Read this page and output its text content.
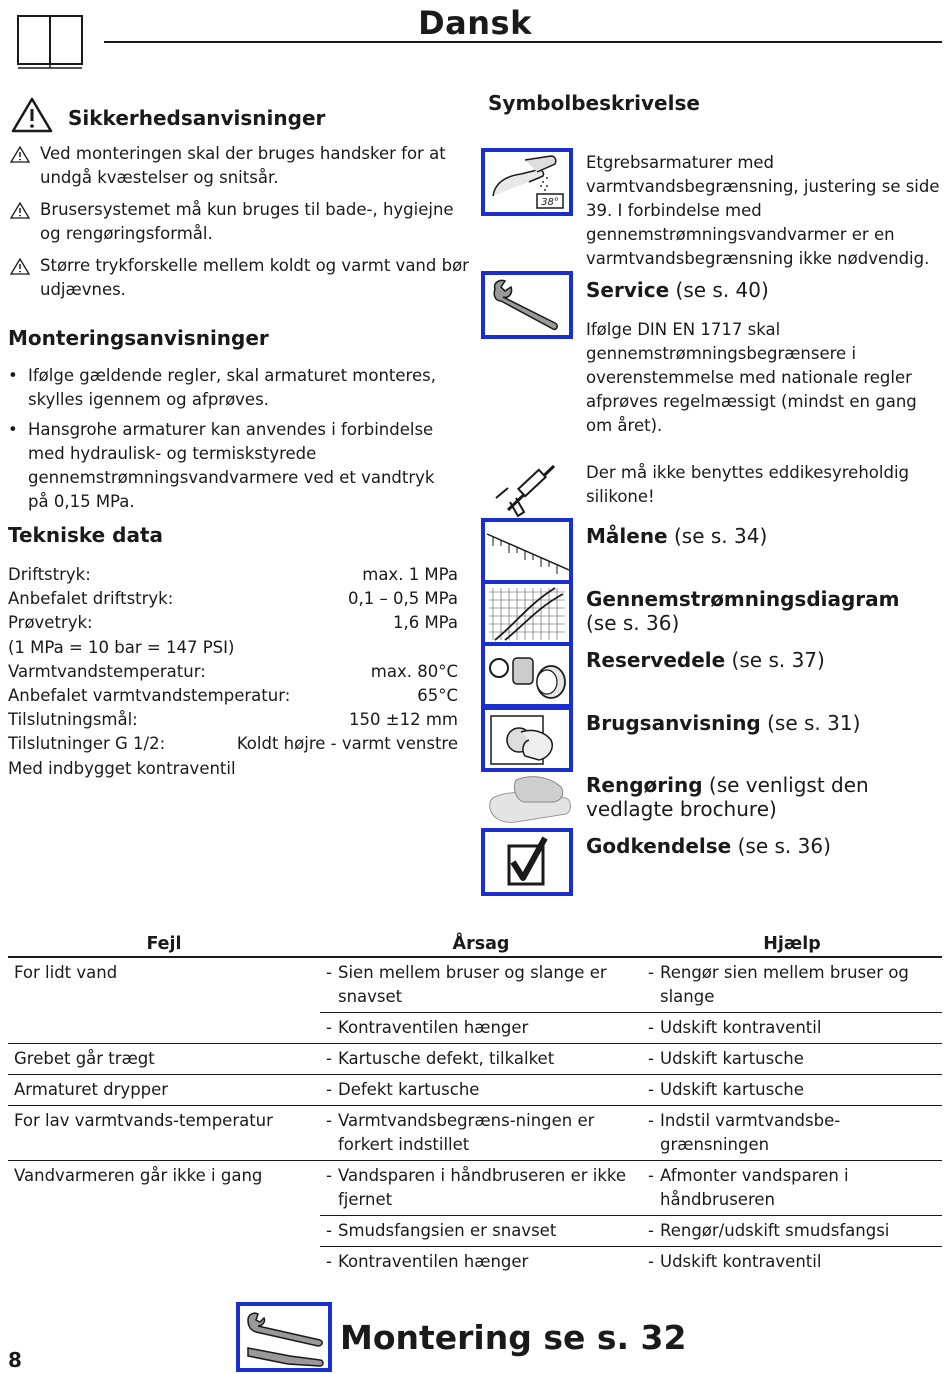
Dansk
Sikkerhedsanvisninger
Ved monteringen skal der bruges handsker for at undgå kvæstelser og snitsår.
Brusersystemet må kun bruges til bade-, hygiejne og rengøringsformål.
Større trykforskelle mellem koldt og varmt vand bør udjævnes.
Monteringsanvisninger
• Ifølge gældende regler, skal armaturet monteres, skylles igennem og afprøves.
• Hansgrohe armaturer kan anvendes i forbindelse med hydraulisk- og termiskstyrede gennemstrømningsvandvarmere ved et vandtryk på 0,15 MPa.
Tekniske data
Driftstryk:	max. 1 MPa
Anbefalet driftstryk:	0,1 – 0,5 MPa
Prøvetryk:	1,6 MPa
(1 MPa = 10 bar = 147 PSI)
Varmtvandstemperatur:	max. 80°C
Anbefalet varmtvandstemperatur:	65°C
Tilslutningsmål:	150 ±12 mm
Tilslutninger G 1/2:	Koldt højre - varmt venstre
Med indbygget kontraventil
Symbolbeskrivelse
38°
Etgrebsarmaturer med varmtvandsbegrænsning, justering se side 39. I forbindelse med gennemstrømningsvandvarmer er en varmtvandsbegrænsning ikke nødvendig.
Service (se s. 40)
Ifølge DIN EN 1717 skal gennemstrømningsbegrænsere i overenstemmelse med nationale regler afprøves regelmæssigt (mindst en gang om året).
Der må ikke benyttes eddikesyreholdig silikone!
Målene (se s. 34)
Gennemstrømningsdiagram
(se s. 36)
Reservedele (se s. 37)
Brugsanvisning (se s. 31)
Rengøring (se venligst den vedlagte brochure)
Godkendelse (se s. 36)
Fejl	Årsag	Hjælp
For lidt vand	- Sien mellem bruser og slange er snavset	- Rengør sien mellem bruser og slange

	- Kontraventilen hænger	- Udskift kontraventil

Grebet går trægt	- Kartusche defekt, tilkalket	- Udskift kartusche

Armaturet drypper	- Defekt kartusche	- Udskift kartusche

For lav varmtvands-temperatur	- Varmtvandsbegræns-ningen er forkert indstillet	- Indstil varmtvandsbe-grænsningen

Vandvarmeren går ikke i gang	- Vandsparen i håndbruseren er ikke fjernet	- Afmonter vandsparen i håndbruseren

	- Smudsfangsien er snavset	- Rengør/udskift smudsfangsi

	- Kontraventilen hænger	- Udskift kontraventil
8
Montering se s. 32
